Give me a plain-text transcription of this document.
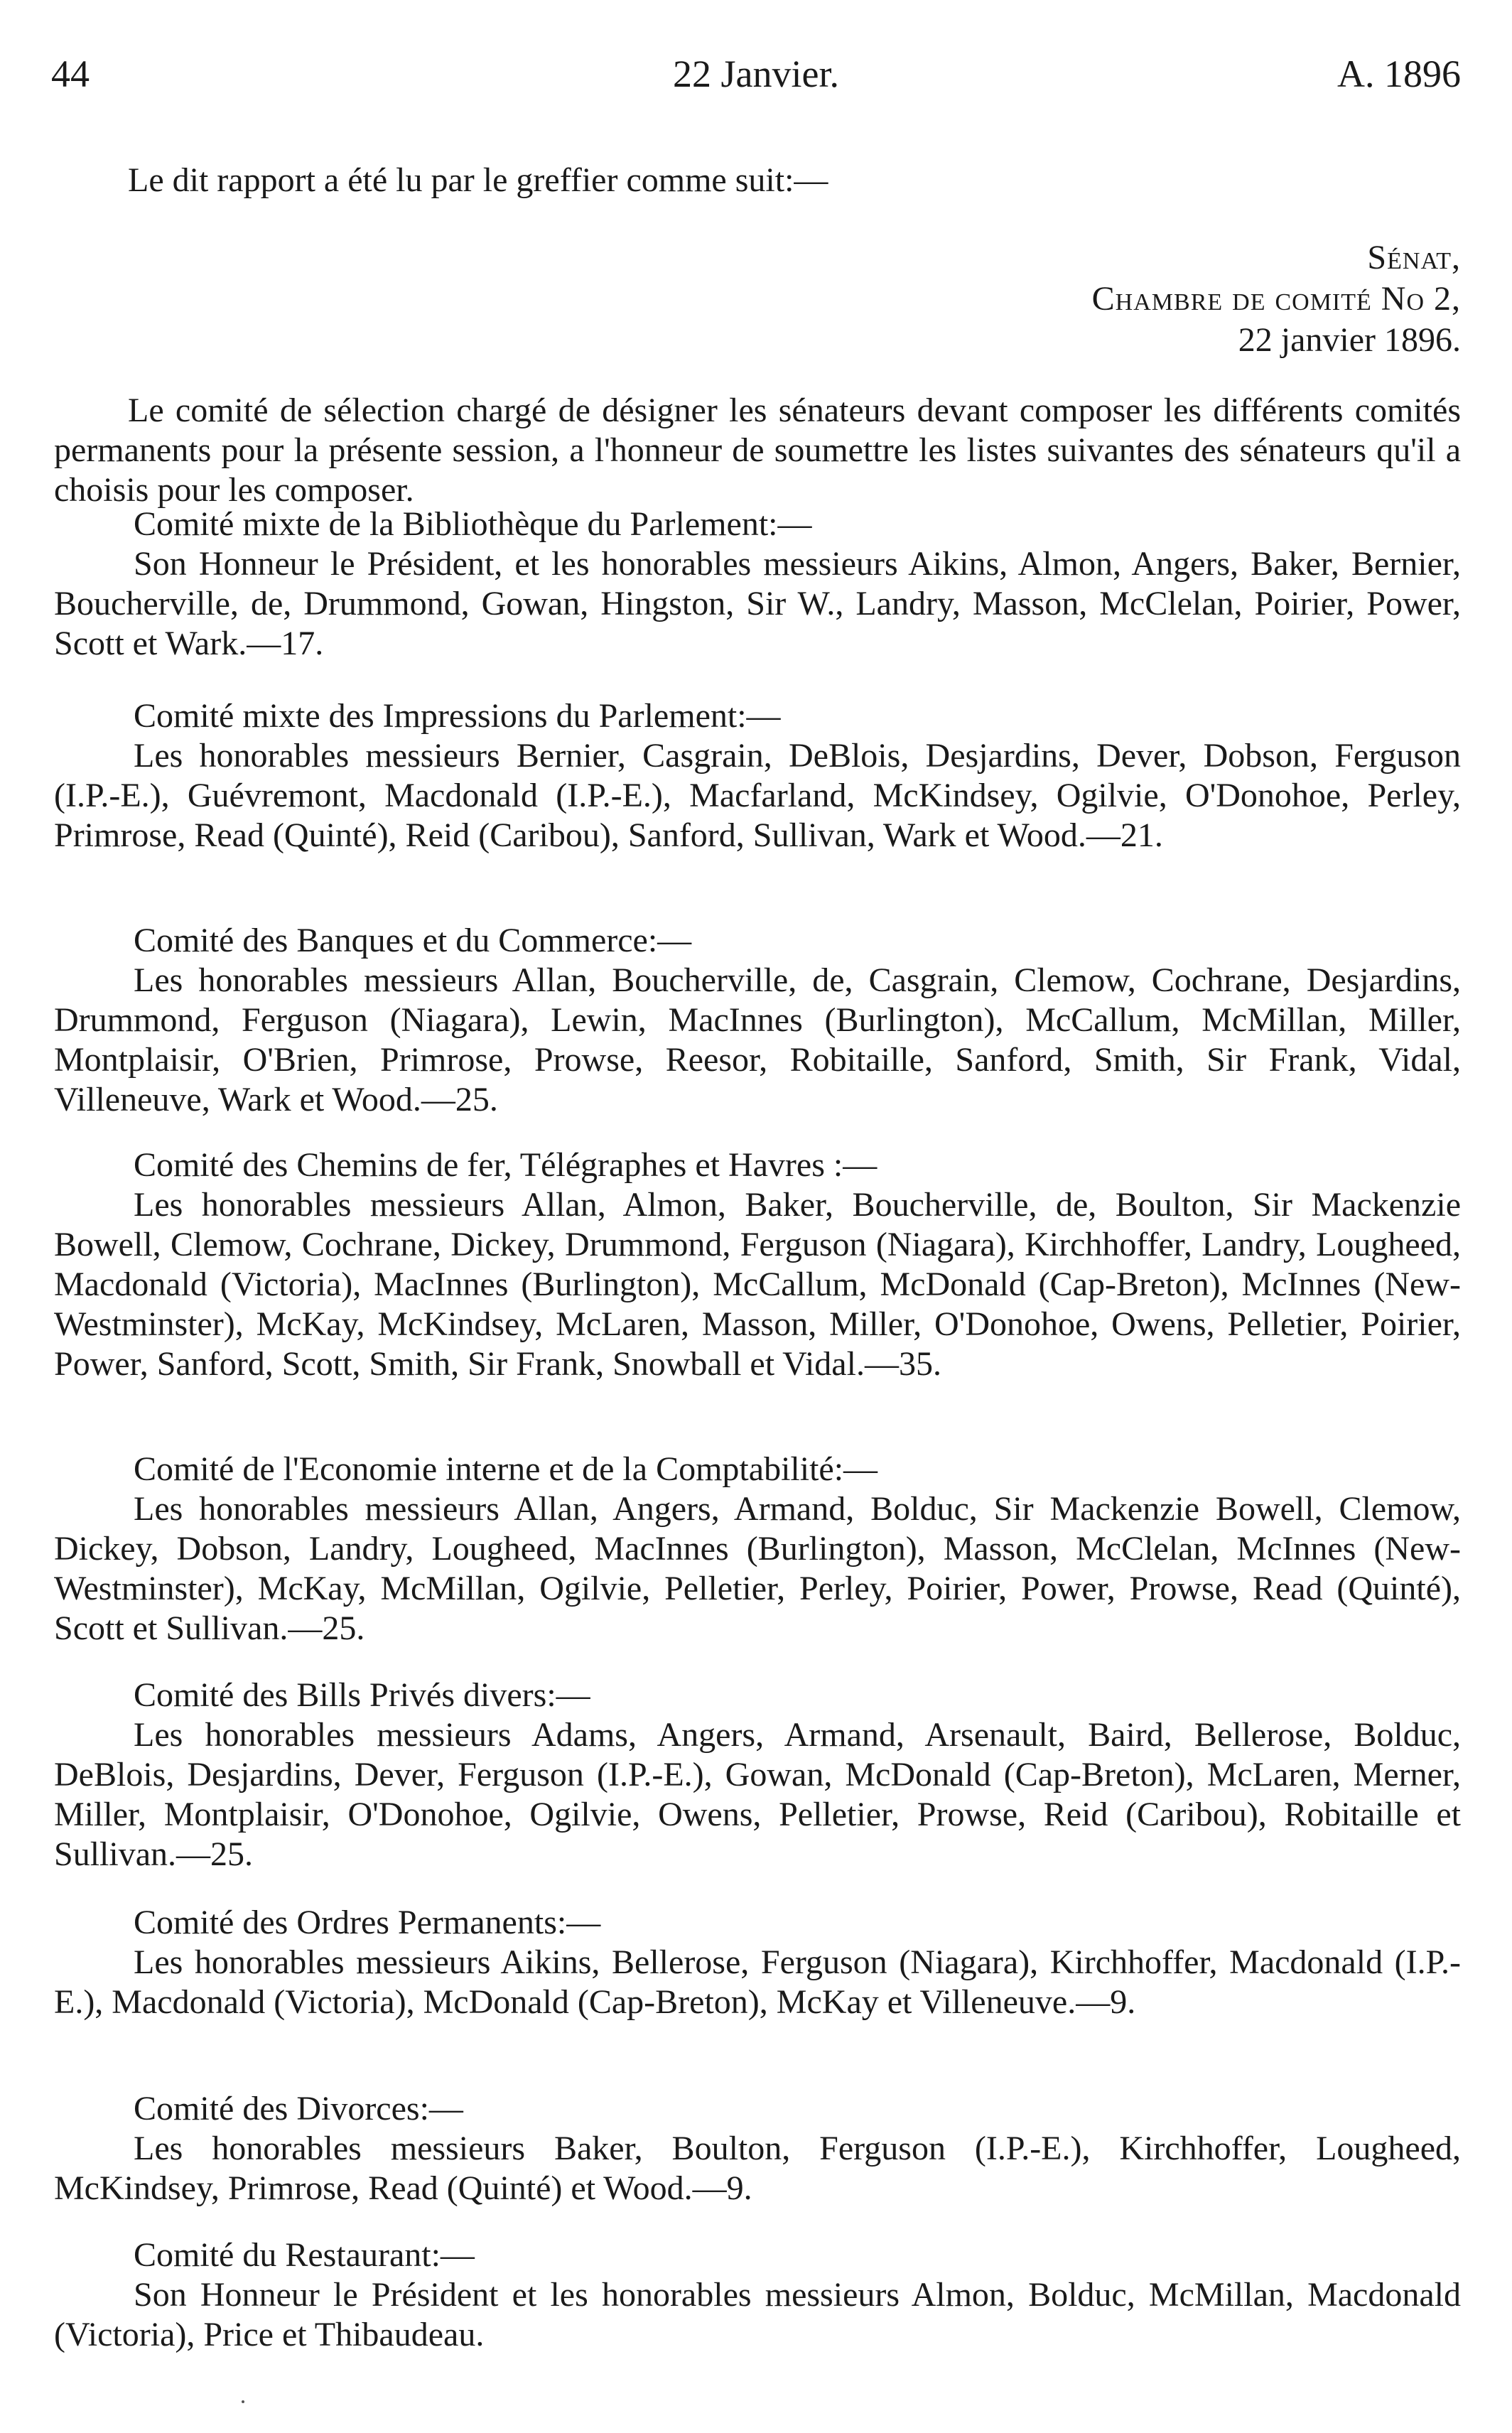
44	22 Janvier.	A. 1896
Le dit rapport a été lu par le greffier comme suit:—
Sénat,
Chambre de comité No 2,
22 janvier 1896.
Le comité de sélection chargé de désigner les sénateurs devant composer les différents comités permanents pour la présente session, a l'honneur de soumettre les listes suivantes des sénateurs qu'il a choisis pour les composer.
Comité mixte de la Bibliothèque du Parlement:—
Son Honneur le Président, et les honorables messieurs Aikins, Almon, Angers, Baker, Bernier, Boucherville, de, Drummond, Gowan, Hingston, Sir W., Landry, Masson, McClelan, Poirier, Power, Scott et Wark.—17.
Comité mixte des Impressions du Parlement:—
Les honorables messieurs Bernier, Casgrain, DeBlois, Desjardins, Dever, Dobson, Ferguson (I.P.-E.), Guévremont, Macdonald (I.P.-E.), Macfarland, McKindsey, Ogilvie, O'Donohoe, Perley, Primrose, Read (Quinté), Reid (Caribou), Sanford, Sullivan, Wark et Wood.—21.
Comité des Banques et du Commerce:—
Les honorables messieurs Allan, Boucherville, de, Casgrain, Clemow, Cochrane, Desjardins, Drummond, Ferguson (Niagara), Lewin, MacInnes (Burlington), McCallum, McMillan, Miller, Montplaisir, O'Brien, Primrose, Prowse, Reesor, Robitaille, Sanford, Smith, Sir Frank, Vidal, Villeneuve, Wark et Wood.—25.
Comité des Chemins de fer, Télégraphes et Havres :—
Les honorables messieurs Allan, Almon, Baker, Boucherville, de, Boulton, Sir Mackenzie Bowell, Clemow, Cochrane, Dickey, Drummond, Ferguson (Niagara), Kirchhoffer, Landry, Lougheed, Macdonald (Victoria), MacInnes (Burlington), McCallum, McDonald (Cap-Breton), McInnes (New-Westminster), McKay, McKindsey, McLaren, Masson, Miller, O'Donohoe, Owens, Pelletier, Poirier, Power, Sanford, Scott, Smith, Sir Frank, Snowball et Vidal.—35.
Comité de l'Economie interne et de la Comptabilité:—
Les honorables messieurs Allan, Angers, Armand, Bolduc, Sir Mackenzie Bowell, Clemow, Dickey, Dobson, Landry, Lougheed, MacInnes (Burlington), Masson, McClelan, McInnes (New-Westminster), McKay, McMillan, Ogilvie, Pelletier, Perley, Poirier, Power, Prowse, Read (Quinté), Scott et Sullivan.—25.
Comité des Bills Privés divers:—
Les honorables messieurs Adams, Angers, Armand, Arsenault, Baird, Bellerose, Bolduc, DeBlois, Desjardins, Dever, Ferguson (I.P.-E.), Gowan, McDonald (Cap-Breton), McLaren, Merner, Miller, Montplaisir, O'Donohoe, Ogilvie, Owens, Pelletier, Prowse, Reid (Caribou), Robitaille et Sullivan.—25.
Comité des Ordres Permanents:—
Les honorables messieurs Aikins, Bellerose, Ferguson (Niagara), Kirchhoffer, Macdonald (I.P.-E.), Macdonald (Victoria), McDonald (Cap-Breton), McKay et Villeneuve.—9.
Comité des Divorces:—
Les honorables messieurs Baker, Boulton, Ferguson (I.P.-E.), Kirchhoffer, Lougheed, McKindsey, Primrose, Read (Quinté) et Wood.—9.
Comité du Restaurant:—
Son Honneur le Président et les honorables messieurs Almon, Bolduc, McMillan, Macdonald (Victoria), Price et Thibaudeau.
